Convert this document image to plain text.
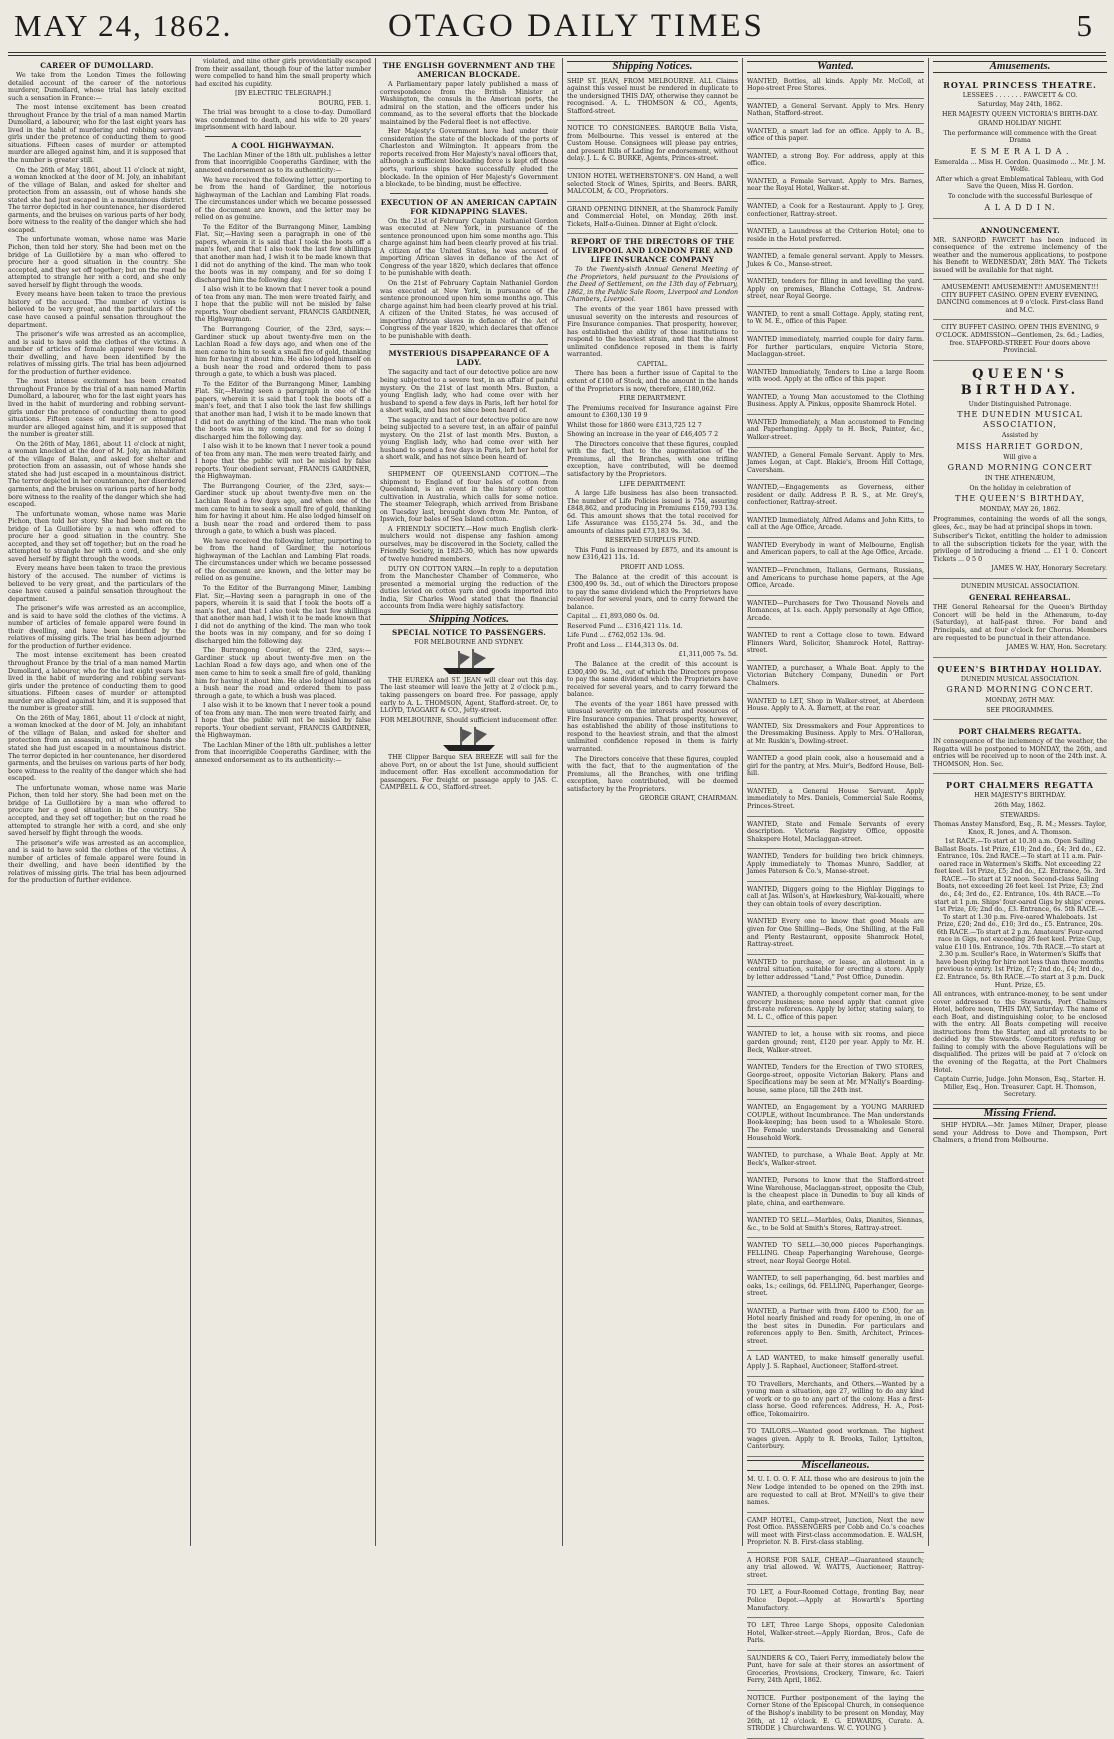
MAY 24, 1862.	OTAGO DAILY TIMES	5
CAREER OF DUMOLLARD.

We take from the London Times the following detailed account of the career of the notorious murderer, Dumollard, whose trial has lately excited such a sensation in France:—

The most intense excitement has been created throughout France by the trial of a man named Martin Dumollard, a labourer, who for the last eight years has lived in the habit of murdering and robbing servant-girls under the pretence of conducting them to good situations. Fifteen cases of murder or attempted murder are alleged against him, and it is supposed that the number is greater still.

On the 26th of May, 1861, about 11 o'clock at night, a woman knocked at the door of M. Joly, an inhabitant of the village of Balan, and asked for shelter and protection from an assassin, out of whose hands she stated she had just escaped in a mountainous district. The terror depicted in her countenance, her disordered garments, and the bruises on various parts of her body, bore witness to the reality of the danger which she had escaped.

The unfortunate woman, whose name was Marie Pichon, then told her story. She had been met on the bridge of La Guillotière by a man who offered to procure her a good situation in the country. She accepted, and they set off together; but on the road he attempted to strangle her with a cord, and she only saved herself by flight through the woods.

Every means have been taken to trace the previous history of the accused. The number of victims is believed to be very great, and the particulars of the case have caused a painful sensation throughout the department.

The prisoner's wife was arrested as an accomplice, and is said to have sold the clothes of the victims. A number of articles of female apparel were found in their dwelling, and have been identified by the relatives of missing girls. The trial has been adjourned for the production of further evidence.

The most intense excitement has been created throughout France by the trial of a man named Martin Dumollard, a labourer, who for the last eight years has lived in the habit of murdering and robbing servant-girls under the pretence of conducting them to good situations. Fifteen cases of murder or attempted murder are alleged against him, and it is supposed that the number is greater still.

On the 26th of May, 1861, about 11 o'clock at night, a woman knocked at the door of M. Joly, an inhabitant of the village of Balan, and asked for shelter and protection from an assassin, out of whose hands she stated she had just escaped in a mountainous district. The terror depicted in her countenance, her disordered garments, and the bruises on various parts of her body, bore witness to the reality of the danger which she had escaped.

The unfortunate woman, whose name was Marie Pichon, then told her story. She had been met on the bridge of La Guillotière by a man who offered to procure her a good situation in the country. She accepted, and they set off together; but on the road he attempted to strangle her with a cord, and she only saved herself by flight through the woods.

Every means have been taken to trace the previous history of the accused. The number of victims is believed to be very great, and the particulars of the case have caused a painful sensation throughout the department.

The prisoner's wife was arrested as an accomplice, and is said to have sold the clothes of the victims. A number of articles of female apparel were found in their dwelling, and have been identified by the relatives of missing girls. The trial has been adjourned for the production of further evidence.

The most intense excitement has been created throughout France by the trial of a man named Martin Dumollard, a labourer, who for the last eight years has lived in the habit of murdering and robbing servant-girls under the pretence of conducting them to good situations. Fifteen cases of murder or attempted murder are alleged against him, and it is supposed that the number is greater still.

On the 26th of May, 1861, about 11 o'clock at night, a woman knocked at the door of M. Joly, an inhabitant of the village of Balan, and asked for shelter and protection from an assassin, out of whose hands she stated she had just escaped in a mountainous district. The terror depicted in her countenance, her disordered garments, and the bruises on various parts of her body, bore witness to the reality of the danger which she had escaped.

The unfortunate woman, whose name was Marie Pichon, then told her story. She had been met on the bridge of La Guillotière by a man who offered to procure her a good situation in the country. She accepted, and they set off together; but on the road he attempted to strangle her with a cord, and she only saved herself by flight through the woods.

The prisoner's wife was arrested as an accomplice, and is said to have sold the clothes of the victims. A number of articles of female apparel were found in their dwelling, and have been identified by the relatives of missing girls. The trial has been adjourned for the production of further evidence.

violated, and nine other girls providentially escaped from their assailant, though four of the latter number were compelled to hand him the small property which had excited his cupidity.

[BY ELECTRIC TELEGRAPH.]
BOURG, FEB. 1.

The trial was brought to a close to-day. Dumollard was condemned to death, and his wife to 20 years' imprisonment with hard labour.

A COOL HIGHWAYMAN.

The Lachlan Miner of the 18th ult. publishes a letter from that incorrigible Cooperaths Gardiner, with the annexed endorsement as to its authenticity:—

We have received the following letter, purporting to be from the hand of Gardiner, the notorious highwayman of the Lachlan and Lambing Flat roads. The circumstances under which we became possessed of the document are known, and the letter may be relied on as genuine.

To the Editor of the Burrangong Miner, Lambing Flat. Sir,—Having seen a paragraph in one of the papers, wherein it is said that I took the boots off a man's feet, and that I also took the last few shillings that another man had, I wish it to be made known that I did not do anything of the kind. The man who took the boots was in my company, and for so doing I discharged him the following day.

I also wish it to be known that I never took a pound of tea from any man. The men were treated fairly, and I hope that the public will not be misled by false reports. Your obedient servant, FRANCIS GARDINER, the Highwayman.

The Burrangong Courier, of the 23rd, says:—Gardiner stuck up about twenty-five men on the Lachlan Road a few days ago, and when one of the men came to him to seek a small fire of gold, thanking him for having it about him. He also lodged himself on a bush near the road and ordered them to pass through a gate, to which a bush was placed.

To the Editor of the Burrangong Miner, Lambing Flat. Sir,—Having seen a paragraph in one of the papers, wherein it is said that I took the boots off a man's feet, and that I also took the last few shillings that another man had, I wish it to be made known that I did not do anything of the kind. The man who took the boots was in my company, and for so doing I discharged him the following day.

I also wish it to be known that I never took a pound of tea from any man. The men were treated fairly, and I hope that the public will not be misled by false reports. Your obedient servant, FRANCIS GARDINER, the Highwayman.

The Burrangong Courier, of the 23rd, says:—Gardiner stuck up about twenty-five men on the Lachlan Road a few days ago, and when one of the men came to him to seek a small fire of gold, thanking him for having it about him. He also lodged himself on a bush near the road and ordered them to pass through a gate, to which a bush was placed.

We have received the following letter, purporting to be from the hand of Gardiner, the notorious highwayman of the Lachlan and Lambing Flat roads. The circumstances under which we became possessed of the document are known, and the letter may be relied on as genuine.

To the Editor of the Burrangong Miner, Lambing Flat. Sir,—Having seen a paragraph in one of the papers, wherein it is said that I took the boots off a man's feet, and that I also took the last few shillings that another man had, I wish it to be made known that I did not do anything of the kind. The man who took the boots was in my company, and for so doing I discharged him the following day.

The Burrangong Courier, of the 23rd, says:—Gardiner stuck up about twenty-five men on the Lachlan Road a few days ago, and when one of the men came to him to seek a small fire of gold, thanking him for having it about him. He also lodged himself on a bush near the road and ordered them to pass through a gate, to which a bush was placed.

I also wish it to be known that I never took a pound of tea from any man. The men were treated fairly, and I hope that the public will not be misled by false reports. Your obedient servant, FRANCIS GARDINER, the Highwayman.

The Lachlan Miner of the 18th ult. publishes a letter from that incorrigible Cooperaths Gardiner, with the annexed endorsement as to its authenticity:—

THE ENGLISH GOVERNMENT AND THE AMERICAN BLOCKADE.

A Parliamentary paper lately published a mass of correspondence from the British Minister at Washington, the consuls in the American ports, the admiral on the station, and the officers under his command, as to the several efforts that the blockade maintained by the Federal fleet is not effective.

Her Majesty's Government have had under their consideration the state of the blockade of the ports of Charleston and Wilmington. It appears from the reports received from Her Majesty's naval officers that, although a sufficient blockading force is kept off those ports, various ships have successfully eluded the blockade. In the opinion of Her Majesty's Government a blockade, to be binding, must be effective.

EXECUTION OF AN AMERICAN CAPTAIN FOR KIDNAPPING SLAVES.

On the 21st of February Captain Nathaniel Gordon was executed at New York, in pursuance of the sentence pronounced upon him some months ago. This charge against him had been clearly proved at his trial. A citizen of the United States, he was accused of importing African slaves in defiance of the Act of Congress of the year 1820, which declares that offence to be punishable with death.

On the 21st of February Captain Nathaniel Gordon was executed at New York, in pursuance of the sentence pronounced upon him some months ago. This charge against him had been clearly proved at his trial. A citizen of the United States, he was accused of importing African slaves in defiance of the Act of Congress of the year 1820, which declares that offence to be punishable with death.

MYSTERIOUS DISAPPEARANCE OF A LADY.

The sagacity and tact of our detective police are now being subjected to a severe test, in an affair of painful mystery. On the 21st of last month Mrs. Buxton, a young English lady, who had come over with her husband to spend a few days in Paris, left her hotel for a short walk, and has not since been heard of.

The sagacity and tact of our detective police are now being subjected to a severe test, in an affair of painful mystery. On the 21st of last month Mrs. Buxton, a young English lady, who had come over with her husband to spend a few days in Paris, left her hotel for a short walk, and has not since been heard of.

SHIPMENT OF QUEENSLAND COTTON.—The shipment to England of four bales of cotton from Queensland, is an event in the history of cotton cultivation in Australia, which calls for some notice. The steamer Telegraph, which arrived from Brisbane on Tuesday last, brought down from Mr. Panton, of Ipswich, four bales of Sea Island cotton.

A FRIENDLY SOCIETY.—How much English clerk-mulchers would not dispense any fashion among ourselves, may be discovered in the Society, called the Friendly Society, in 1825-30, which has now upwards of twelve hundred members.

DUTY ON COTTON YARN.—In reply to a deputation from the Manchester Chamber of Commerce, who presented a memorial urging the reduction of the duties levied on cotton yarn and goods imported into India, Sir Charles Wood stated that the financial accounts from India were highly satisfactory.

Shipping Notices.
SPECIAL NOTICE TO PASSENGERS.
FOR MELBOURNE AND SYDNEY.

THE EUREKA and ST. JEAN will clear out this day. The last steamer will leave the Jetty at 2 o'clock p.m., taking passengers on board free. For passage, apply early to A. L. THOMSON, Agent, Stafford-street. Or, to LLOYD, TAGGART & CO., Jetty-street.

FOR MELBOURNE, Should sufficient inducement offer.

THE Clipper Barque SEA BREEZE will sail for the above Port, on or about the 1st June, should sufficient inducement offer. Has excellent accommodation for passengers. For freight or passage apply to JAS. C. CAMPBELL & CO., Stafford-street.

Shipping Notices.

SHIP ST. JEAN, FROM MELBOURNE. ALL Claims against this vessel must be rendered in duplicate to the undersigned THIS DAY, otherwise they cannot be recognised. A. L. THOMSON & CO., Agents, Stafford-street.

NOTICE TO CONSIGNEES. BARQUE Bella Vista, from Melbourne. This vessel is entered at the Custom House. Consignees will please pay entries, and present Bills of Lading for endorsement, without delay. J. L. & C. BURKE, Agents, Princes-street.

UNION HOTEL WETHERSTONE'S. ON Hand, a well selected Stock of Wines, Spirits, and Beers. BARR, MALCOLM, & CO., Proprietors.

GRAND OPENING DINNER, at the Shamrock Family and Commercial Hotel, on Monday, 26th inst. Tickets, Half-a-Guinea. Dinner at Eight o'clock.

REPORT OF THE DIRECTORS OF THE LIVERPOOL AND LONDON FIRE AND LIFE INSURANCE COMPANY

To the Twenty-sixth Annual General Meeting of the Proprietors, held pursuant to the Provisions of the Deed of Settlement, on the 13th day of February, 1862, in the Public Sale Room, Liverpool and London Chambers, Liverpool.

The events of the year 1861 have pressed with unusual severity on the interests and resources of Fire Insurance companies. That prosperity, however, has established the ability of those institutions to respond to the heaviest strain, and that the almost unlimited confidence reposed in them is fairly warranted.

CAPITAL.

There has been a further issue of Capital to the extent of £100 of Stock, and the amount in the hands of the Proprietors is now, therefore, £180,062.

FIRE DEPARTMENT.

The Premiums received for Insurance against Fire amount to £360,130 19 9

Whilst those for 1860 were £313,725 12 7

Showing an increase in the year of £46,405 7 2

The Directors conceive that these figures, coupled with the fact, that to the augmentation of the Premiums, all the Branches, with one trifling exception, have contributed, will be deemed satisfactory by the Proprietors.

LIFE DEPARTMENT.

A large Life business has also been transacted. The number of Life Policies issued is 754, assuring £848,862, and producing in Premiums £159,793 13s. 6d. This amount shows that the total received for Life Assurance was £155,274 5s. 3d., and the amounts of claims paid £73,183 9s. 3d.

RESERVED SURPLUS FUND.

This Fund is increased by £875, and its amount is now £316,421 11s. 1d.

PROFIT AND LOSS.

The Balance at the credit of this account is £300,490 9s. 3d., out of which the Directors propose to pay the same dividend which the Proprietors have received for several years, and to carry forward the balance.

Capital ... £1,893,080 0s. 0d.

Reserved Fund ... £316,421 11s. 1d.

Life Fund ... £762,052 13s. 9d.

Profit and Loss ... £144,313 0s. 0d.

£1,311,005 7s. 5d.

The Balance at the credit of this account is £300,490 9s. 3d., out of which the Directors propose to pay the same dividend which the Proprietors have received for several years, and to carry forward the balance.

The events of the year 1861 have pressed with unusual severity on the interests and resources of Fire Insurance companies. That prosperity, however, has established the ability of those institutions to respond to the heaviest strain, and that the almost unlimited confidence reposed in them is fairly warranted.

The Directors conceive that these figures, coupled with the fact, that to the augmentation of the Premiums, all the Branches, with one trifling exception, have contributed, will be deemed satisfactory by the Proprietors.

GEORGE GRANT, CHAIRMAN.

Wanted.

WANTED, Bottles, all kinds. Apply Mr. McColl, at Hope-street Free Stores.

WANTED, a General Servant. Apply to Mrs. Henry Nathan, Stafford-street.

WANTED, a smart lad for an office. Apply to A. B., office of this paper.

WANTED, a strong Boy. For address, apply at this office.

WANTED, a Female Servant. Apply to Mrs. Barnes, near the Royal Hotel, Walker-st.

WANTED, a Cook for a Restaurant. Apply to J. Grey, confectioner, Rattray-street.

WANTED, a Laundress at the Criterion Hotel; one to reside in the Hotel preferred.

WANTED, a female general servant. Apply to Messrs. Jukes & Co., Manse-street.

WANTED, tenders for filling in and levelling the yard. Apply on premises, Blanche Cottage, St. Andrew-street, near Royal George.

WANTED, to rent a small Cottage. Apply, stating rent, to W. M. E., office of this Paper.

WANTED immediately, married couple for dairy farm. For further particulars, enquire Victoria Store, Maclaggan-street.

WANTED Immediately, Tenders to Line a large Room with wood. Apply at the office of this paper.

WANTED, a Young Man accustomed to the Clothing Business. Apply A. Pinkus, opposite Shamrock Hotel.

WANTED Immediately, a Man accustomed to Fencing and Paperhanging. Apply to H. Beck, Painter, &c., Walker-street.

WANTED, a General Female Servant. Apply to Mrs. James Logan, at Capt. Blakie's, Broom Hill Cottage, Caversham.

WANTED,—Engagements as Governess, either resident or daily. Address P. R. S., at Mr. Grey's, confectioner, Rattray-street.

WANTED Immediately, Alfred Adams and John Kitts, to call at the Age Office, Arcade.

WANTED Everybody in want of Melbourne, English and American papers, to call at the Age Office, Arcade.

WANTED—Frenchmen, Italians, Germans, Russians, and Americans to purchase home papers, at the Age Office, Arcade.

WANTED—Purchasers for Two Thousand Novels and Romances, at 1s. each. Apply personally at Age Office, Arcade.

WANTED to rent a Cottage close to town. Edward Flinners Ward, Solicitor, Shamrock Hotel, Rattray-street.

WANTED, a purchaser, a Whale Boat. Apply to the Victorian Butchery Company, Dunedin or Port Chalmers.

WANTED to LET, Shop in Walker-street, at Aberdeen House. Apply to A. A. Barnett, at the rear.

WANTED, Six Dressmakers and Four Apprentices to the Dressmaking Business. Apply to Mrs. O'Halloran, at Mr. Ruskin's, Dowling-street.

WANTED a good plain cook, also a housemaid and a girl for the pantry, at Mrs. Muir's, Bedford House, Bell-hill.

WANTED, a General House Servant. Apply immediately to Mrs. Daniels, Commercial Sale Rooms, Princes-Street.

WANTED, State and Female Servants of every description. Victoria Registry Office, opposite Shakspere Hotel, Maclaggan-street.

WANTED, Tenders for building two brick chimneys. Apply immediately to Thomas Munro, Saddler, at James Paterson & Co.'s, Manse-street.

WANTED, Diggers going to the Highlay Diggings to call at Jas. Wilson's, at Hawkesbury, Wal-kouaiti, where they can obtain tools of every description.

WANTED Every one to know that good Meals are given for One Shilling—Beds, One Shilling, at the Fall and Plenty Restaurant, opposite Shamrock Hotel, Rattray-street.

WANTED to purchase, or lease, an allotment in a central situation, suitable for erecting a store. Apply by letter addressed "Land," Post Office, Dunedin.

WANTED, a thoroughly competent corner man, for the grocery business; none need apply that cannot give first-rate references. Apply by letter, stating salary, to M. L. C., office of this paper.

WANTED to let, a house with six rooms, and piece garden ground; rent, £120 per year. Apply to Mr. H. Beck, Walker-street.

WANTED, Tenders for the Erection of TWO STORES, George-street, opposite Victorian Bakery. Plans and Specifications may be seen at Mr. M'Nally's Boarding-house, same place, till the 24th inst.

WANTED, an Engagement by a YOUNG MARRIED COUPLE, without Incumbrance. The Man understands Book-keeping; has been used to a Wholesale Store. The Female understands Dressmaking and General Household Work.

WANTED, to purchase, a Whale Boat. Apply at Mr. Beck's, Walker-street.

WANTED, Persons to know that the Stafford-street Wine Warehouse, Maclaggan-street, opposite the Club, is the cheapest place in Dunedin to buy all kinds of plate, china, and earthenware.

WANTED TO SELL—Marbles, Oaks, Dianites, Siennas, &c., to be Sold at Smith's Stores, Rattray-street.

WANTED TO SELL—30,000 pieces Paperhangings. FELLING. Cheap Paperhanging Warehouse, George-street, near Royal George Hotel.

WANTED, to sell paperhanging, 6d. best marbles and oaks, 1s.; ceilings, 6d. FELLING, Paperhanger, George-street.

WANTED, a Partner with from £400 to £500, for an Hotel nearly finished and ready for opening, in one of the best sites in Dunedin. For particulars and references apply to Ben. Smith, Architect, Princes-street.

A LAD WANTED, to make himself generally useful. Apply J. S. Raphael, Auctioneer, Stafford-street.

TO Travellers, Merchants, and Others.—Wanted by a young man a situation, age 27, willing to do any kind of work or to go to any part of the colony. Has a first-class horse. Good references. Address, H. A., Post-office, Tokomairiro.

TO TAILORS.—Wanted good workman. The highest wages given. Apply to R. Brooks, Tailor, Lyttelton, Canterbury.

Miscellaneous.

M. U. I. O. O. F. ALL those who are desirous to join the New Lodge intended to be opened on the 29th inst. are requested to call at Brot. M'Neill's to give their names.

CAMP HOTEL, Camp-street, Junction, Next the new Post Office. PASSENGERS per Cobb and Co.'s coaches will meet with First-class accommodation. E. WALSH, Proprietor. N. B. First-class stabling.

A HORSE FOR SALE, CHEAP.—Guaranteed staunch; any trial allowed. W. WATTS, Auctioneer, Rattray-street.

TO LET, a Four-Roomed Cottage, fronting Bay, near Police Depot.—Apply at Howarth's Sporting Manufactory.

TO LET, Three Large Shops, opposite Caledonian Hotel, Walker-street.—Apply Riordan, Bros., Cafe de Paris.

SAUNDERS & CO., Taieri Ferry, immediately below the Punt, have for sale at their stores an assortment of Groceries, Provisions, Crockery, Tinware, &c. Taieri Ferry, 24th April, 1862.

NOTICE. Further postponement of the laying the Corner Stone of the Episcopal Church, in consequence of the Bishop's inability to be present on Monday, May 26th, at 12 o'clock. E. G. EDWARDS, Curate. A. STRODE } Churchwardens. W. C. YOUNG }

Amusements.
ROYAL PRINCESS THEATRE.

LESSEES . . . . . . . FAWCETT & CO.

Saturday, May 24th, 1862.

HER MAJESTY QUEEN VICTORIA'S BIRTH-DAY.

GRAND HOLIDAY NIGHT.

The performance will commence with the Great Drama

E S M E R A L D A .

Esmeralda ... Miss H. Gordon. Quasimodo ... Mr. J. M. Wolfe.

After which a great Emblematical Tableau, with God Save the Queen, Miss H. Gordon.

To conclude with the successful Burlesque of

A L A D D I N.
ANNOUNCEMENT.

MR. SANFORD FAWCETT has been induced in consequence of the extreme inclemency of the weather and the numerous applications, to postpone his Benefit to WEDNESDAY, 28th MAY. The Tickets issued will be available for that night.

AMUSEMENT! AMUSEMENT!! AMUSEMENT!!! CITY BUFFET CASINO. OPEN EVERY EVENING. DANCING commences at 9 o'clock. First-class Band and M.C.

CITY BUFFET CASINO. OPEN THIS EVENING, 9 O'CLOCK. ADMISSION—Gentlemen, 2s. 6d.; Ladies, free. STAFFORD-STREET. Four doors above Provincial.

QUEEN'S BIRTHDAY.

Under Distinguished Patronage.

THE DUNEDIN MUSICAL ASSOCIATION,

Assisted by

MISS HARRIET GORDON,

Will give a

GRAND MORNING CONCERT

IN THE ATHENÆUM,

On the holiday in celebration of

THE QUEEN'S BIRTHDAY,

MONDAY, MAY 26, 1862.

Programmes, containing the words of all the songs, glees, &c., may be had at principal shops in town.

Subscriber's Ticket, entitling the holder to admission to all the subscription tickets for the year, with the privilege of introducing a friend ... £1 1 0. Concert Tickets ... 0 5 0

JAMES W. HAY, Honorary Secretary.

DUNEDIN MUSICAL ASSOCIATION.

GENERAL REHEARSAL.

THE General Rehearsal for the Queen's Birthday Concert will be held in the Athenæum, to-day (Saturday), at half-past three. For band and Principals, and at four o'clock for Chorus. Members are requested to be punctual in their attendance.

JAMES W. HAY, Hon. Secretary.

QUEEN'S BIRTHDAY HOLIDAY.

DUNEDIN MUSICAL ASSOCIATION.

GRAND MORNING CONCERT.

MONDAY, 26TH MAY.

SEE PROGRAMMES.

PORT CHALMERS REGATTA.

IN consequence of the inclemency of the weather, the Regatta will be postponed to MONDAY, the 26th, and entries will be received up to noon of the 24th inst. A. THOMSON, Hon. Sec.

PORT CHALMERS REGATTA

HER MAJESTY'S BIRTHDAY.

26th May, 1862.

STEWARDS:

Thomas Anstey Mansford, Esq., R. M.; Messrs. Taylor, Knox, R. Jones, and A. Thomson.

1st RACE.—To start at 10.30 a.m. Open Sailing Ballast Boats. 1st Prize, £10; 2nd do., £4; 3rd do., £2. Entrance, 10s. 2nd RACE.—To start at 11 a.m. Pair-oared race in Watermen's Skiffs. Not exceeding 22 feet keel. 1st Prize, £5; 2nd do., £2. Entrance, 5s. 3rd RACE.—To start at 12 noon. Second-class Sailing Boats, not exceeding 26 feet keel. 1st Prize, £3; 2nd do., £4; 3rd do., £2. Entrance, 10s. 4th RACE.—To start at 1 p.m. Ships' four-oared Gigs by ships' crews. 1st Prize, £6; 2nd do., £3. Entrance, 6s. 5th RACE.—To start at 1.30 p.m. Five-oared Whaleboats. 1st Prize, £20; 2nd do., £10; 3rd do., £5. Entrance, 20s. 6th RACE.—To start at 2 p.m. Amateurs' Four-oared race in Gigs, not exceeding 26 feet keel. Prize Cup, value £10 10s. Entrance, 10s. 7th RACE.—To start at 2.30 p.m. Sculler's Race, in Watermen's Skiffs that have been plying for hire not less than three months previous to entry. 1st Prize, £7; 2nd do., £4; 3rd do., £2. Entrance, 5s. 8th RACE.—To start at 3 p.m. Duck Hunt. Prize, £5.

All entrances, with entrance-money, to be sent under cover addressed to the Stewards, Port Chalmers Hotel, before noon, THIS DAY, Saturday. The name of each Boat, and distinguishing color, to be enclosed with the entry. All Boats competing will receive instructions from the Starter, and all protests to be decided by the Stewards. Competitors refusing or failing to comply with the above Regulations will be disqualified. The prizes will be paid at 7 o'clock on the evening of the Regatta, at the Port Chalmers Hotel.

Captain Currie, Judge. John Monson, Esq., Starter. H. Miller, Esq., Hon. Treasurer. Capt. H. Thomson, Secretary.

Missing Friend.

SHIP HYDRA.—Mr. James Milner, Draper, please send your Address to Dove and Thompson, Port Chalmers, a friend from Melbourne.
